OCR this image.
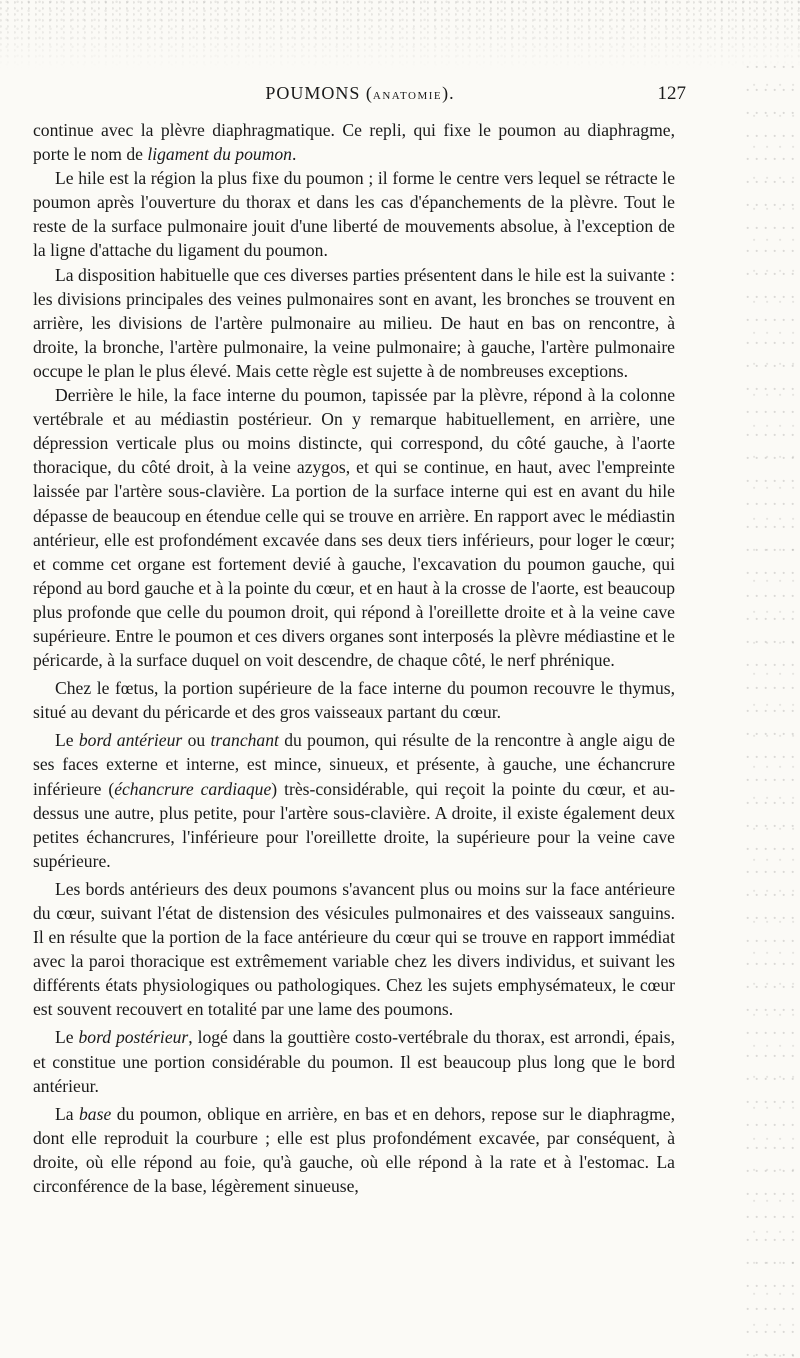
POUMONS (ANATOMIE).	127

continue avec la plèvre diaphragmatique. Ce repli, qui fixe le poumon au diaphragme, porte le nom de ligament du poumon.

Le hile est la région la plus fixe du poumon ; il forme le centre vers lequel se rétracte le poumon après l'ouverture du thorax et dans les cas d'épanchements de la plèvre. Tout le reste de la surface pulmonaire jouit d'une liberté de mouvements absolue, à l'exception de la ligne d'attache du ligament du poumon.

La disposition habituelle que ces diverses parties présentent dans le hile est la suivante : les divisions principales des veines pulmonaires sont en avant, les bronches se trouvent en arrière, les divisions de l'artère pulmonaire au milieu. De haut en bas on rencontre, à droite, la bronche, l'artère pulmonaire, la veine pulmonaire; à gauche, l'artère pulmonaire occupe le plan le plus élevé. Mais cette règle est sujette à de nombreuses exceptions.

Derrière le hile, la face interne du poumon, tapissée par la plèvre, répond à la colonne vertébrale et au médiastin postérieur. On y remarque habituellement, en arrière, une dépression verticale plus ou moins distincte, qui correspond, du côté gauche, à l'aorte thoracique, du côté droit, à la veine azygos, et qui se continue, en haut, avec l'empreinte laissée par l'artère sous-clavière. La portion de la surface interne qui est en avant du hile dépasse de beaucoup en étendue celle qui se trouve en arrière. En rapport avec le médiastin antérieur, elle est profondément excavée dans ses deux tiers inférieurs, pour loger le cœur; et comme cet organe est fortement devié à gauche, l'excavation du poumon gauche, qui répond au bord gauche et à la pointe du cœur, et en haut à la crosse de l'aorte, est beaucoup plus profonde que celle du poumon droit, qui répond à l'oreillette droite et à la veine cave supérieure. Entre le poumon et ces divers organes sont interposés la plèvre médiastine et le péricarde, à la surface duquel on voit descendre, de chaque côté, le nerf phrénique.

Chez le fœtus, la portion supérieure de la face interne du poumon recouvre le thymus, situé au devant du péricarde et des gros vaisseaux partant du cœur.

Le bord antérieur ou tranchant du poumon, qui résulte de la rencontre à angle aigu de ses faces externe et interne, est mince, sinueux, et présente, à gauche, une échancrure inférieure (échancrure cardiaque) très-considérable, qui reçoit la pointe du cœur, et au-dessus une autre, plus petite, pour l'artère sous-clavière. A droite, il existe également deux petites échancrures, l'inférieure pour l'oreillette droite, la supérieure pour la veine cave supérieure.

Les bords antérieurs des deux poumons s'avancent plus ou moins sur la face antérieure du cœur, suivant l'état de distension des vésicules pulmonaires et des vaisseaux sanguins. Il en résulte que la portion de la face antérieure du cœur qui se trouve en rapport immédiat avec la paroi thoracique est extrêmement variable chez les divers individus, et suivant les différents états physiologiques ou pathologiques. Chez les sujets emphysémateux, le cœur est souvent recouvert en totalité par une lame des poumons.

Le bord postérieur, logé dans la gouttière costo-vertébrale du thorax, est arrondi, épais, et constitue une portion considérable du poumon. Il est beaucoup plus long que le bord antérieur.

La base du poumon, oblique en arrière, en bas et en dehors, repose sur le diaphragme, dont elle reproduit la courbure ; elle est plus profondément excavée, par conséquent, à droite, où elle répond au foie, qu'à gauche, où elle répond à la rate et à l'estomac. La circonférence de la base, légèrement sinueuse,
